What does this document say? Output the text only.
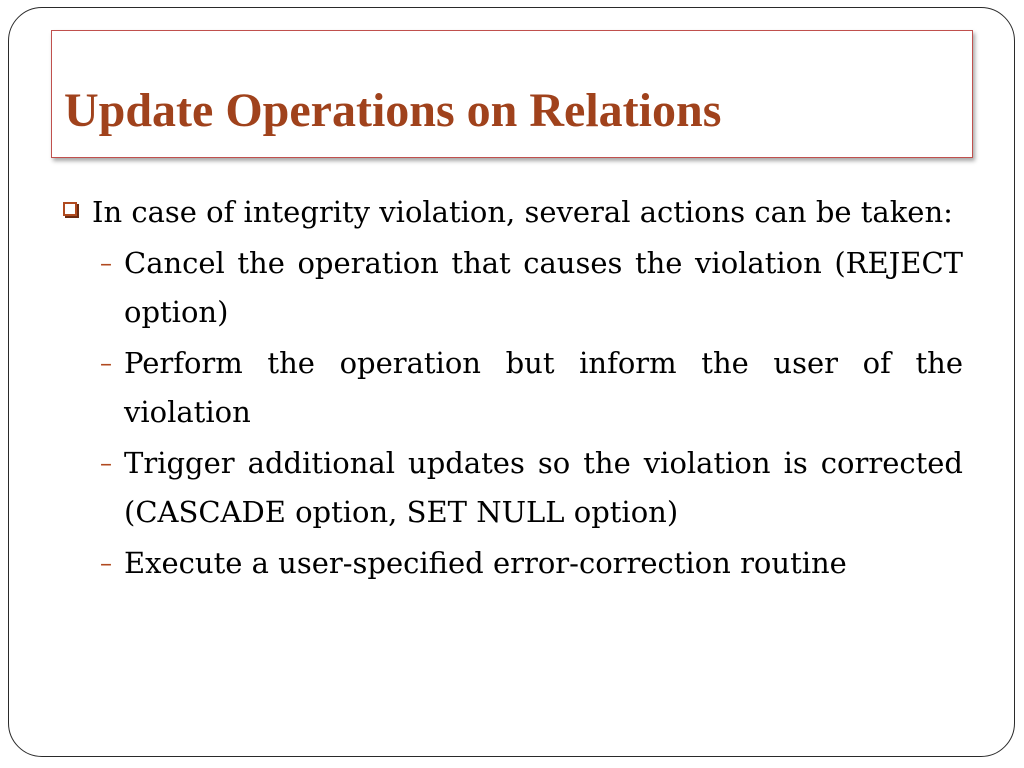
Update Operations on Relations

In case of integrity violation, several actions can be taken:

– Cancel the operation that causes the violation (REJECT option)
– Perform the operation but inform the user of the violation
– Trigger additional updates so the violation is corrected (CASCADE option, SET NULL option)
– Execute a user-specified error-correction routine
